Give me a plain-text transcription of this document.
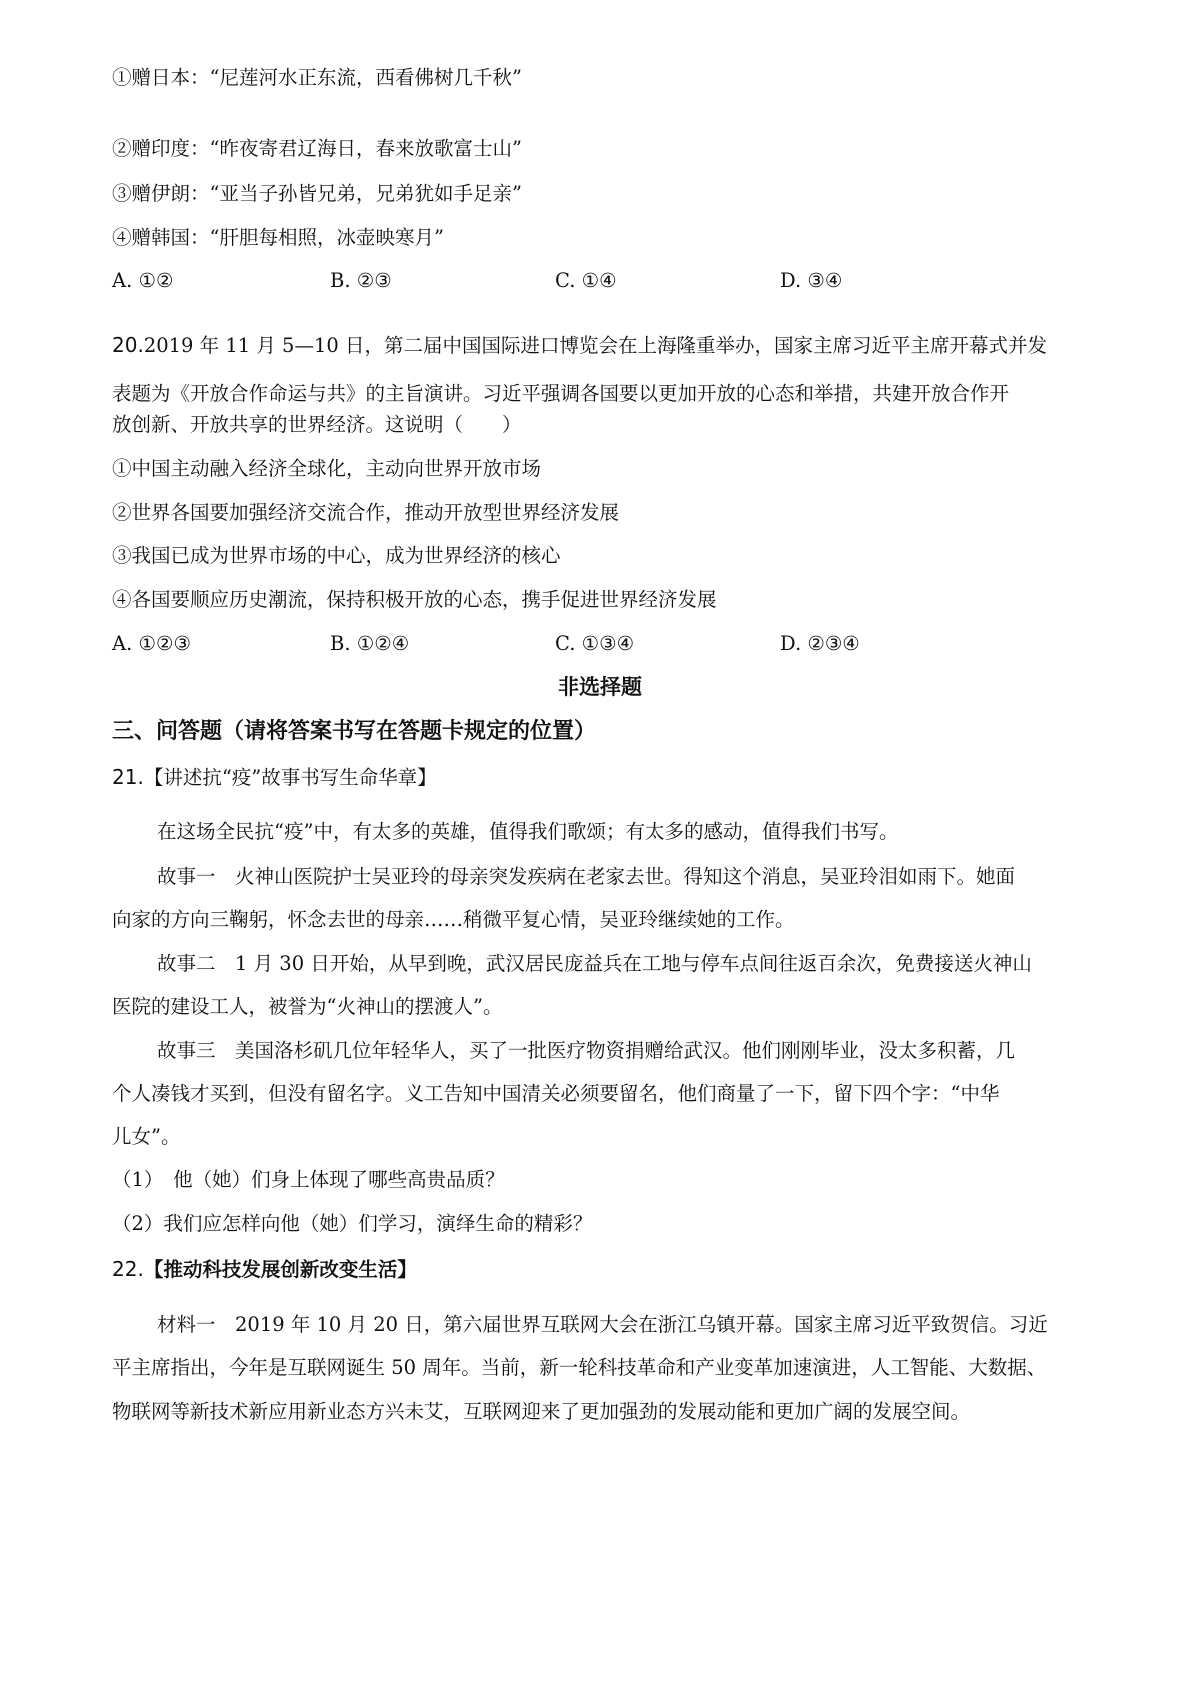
①赠日本：“尼莲河水正东流，西看佛树几千秋”
②赠印度：“昨夜寄君辽海日，春来放歌富士山”
③赠伊朗：“亚当子孙皆兄弟，兄弟犹如手足亲”
④赠韩国：“肝胆每相照，冰壶映寒月”
A. ①②	B. ②③	C. ①④	D. ③④
20.2019 年 11 月 5—10 日，第二届中国国际进口博览会在上海隆重举办，国家主席习近平主席开幕式并发
表题为《开放合作命运与共》的主旨演讲。习近平强调各国要以更加开放的心态和举措，共建开放合作开
放创新、开放共享的世界经济。这说明（　　）
①中国主动融入经济全球化，主动向世界开放市场
②世界各国要加强经济交流合作，推动开放型世界经济发展
③我国已成为世界市场的中心，成为世界经济的核心
④各国要顺应历史潮流，保持积极开放的心态，携手促进世界经济发展
A. ①②③	B. ①②④	C. ①③④	D. ②③④
非选择题
三、问答题（请将答案书写在答题卡规定的位置）
21.【讲述抗“疫”故事书写生命华章】
在这场全民抗“疫”中，有太多的英雄，值得我们歌颂；有太多的感动，值得我们书写。
故事一　火神山医院护士吴亚玲的母亲突发疾病在老家去世。得知这个消息，吴亚玲泪如雨下。她面
向家的方向三鞠躬，怀念去世的母亲……稍微平复心情，吴亚玲继续她的工作。
故事二　1 月 30 日开始，从早到晚，武汉居民庞益兵在工地与停车点间往返百余次，免费接送火神山
医院的建设工人，被誉为“火神山的摆渡人”。
故事三　美国洛杉矶几位年轻华人，买了一批医疗物资捐赠给武汉。他们刚刚毕业，没太多积蓄，几
个人凑钱才买到，但没有留名字。义工告知中国清关必须要留名，他们商量了一下，留下四个字：“中华
儿女”。
（1）　他（她）们身上体现了哪些高贵品质？
（2）我们应怎样向他（她）们学习，演绎生命的精彩？
22.【推动科技发展创新改变生活】
材料一　2019 年 10 月 20 日，第六届世界互联网大会在浙江乌镇开幕。国家主席习近平致贺信。习近
平主席指出，今年是互联网诞生 50 周年。当前，新一轮科技革命和产业变革加速演进，人工智能、大数据、
物联网等新技术新应用新业态方兴未艾，互联网迎来了更加强劲的发展动能和更加广阔的发展空间。
